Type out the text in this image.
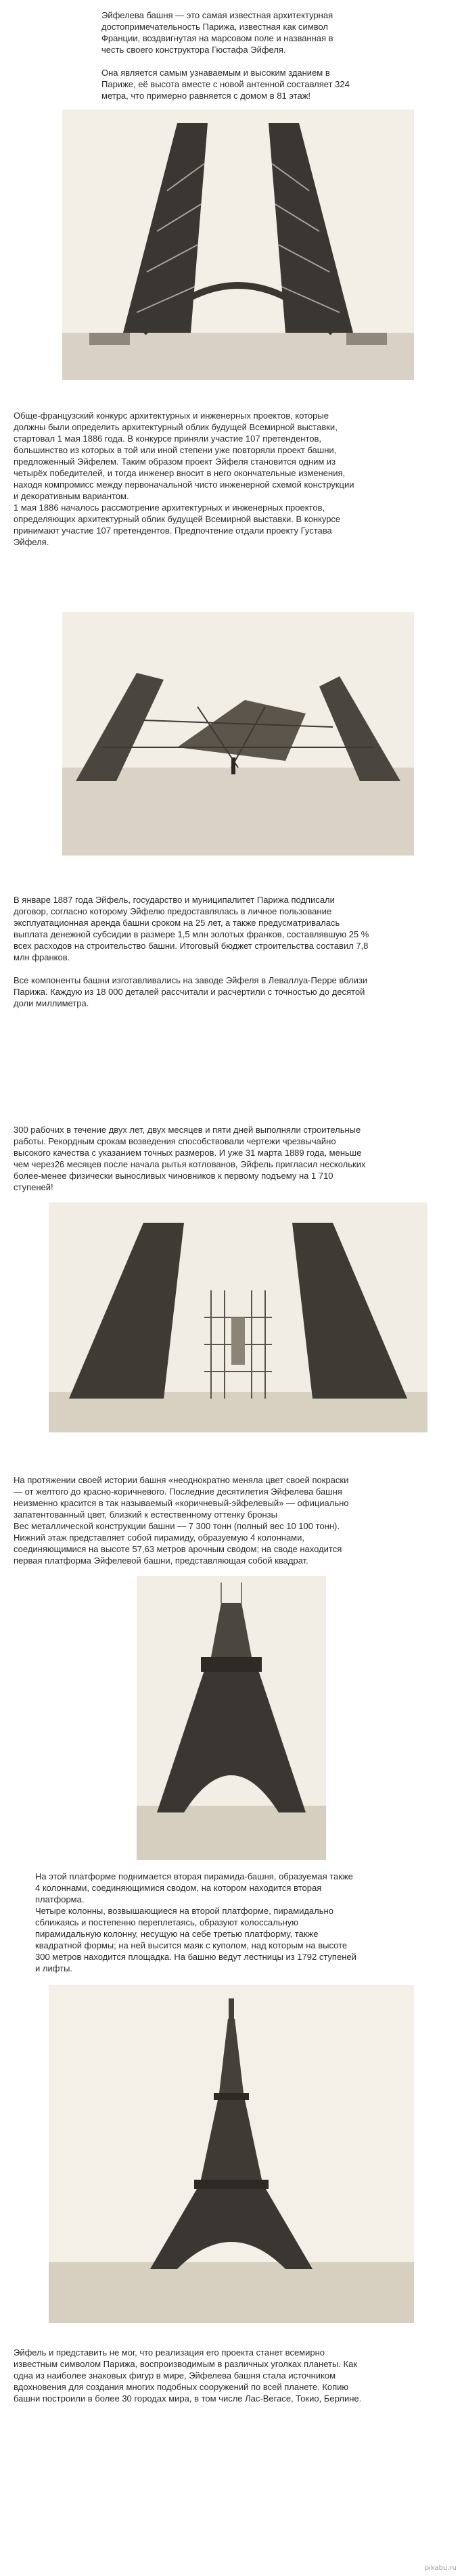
Эйфелева башня — это самая известная архитектурная

достопримечательность Парижа, известная как символ

Франции, воздвигнутая на марсовом поле и названная в

честь своего конструктора Гюстафа Эйфеля.

Она является самым узнаваемым и высоким зданием в

Париже, её высота вместе с новой антенной составляет 324

метра, что примерно равняется с домом в 81 этаж!

Обще-французский конкурс архитектурных и инженерных проектов, которые

должны были определить архитектурный облик будущей Всемирной выставки,

стартовал 1 мая 1886 года. В конкурсе приняли участие 107 претендентов,

большинство из которых в той или иной степени уже повторяли проект башни,

предложенный Эйфелем. Таким образом проект Эйфеля становится одним из

четырёх победителей, и тогда инженер вносит в него окончательные изменения,

находя компромисс между первоначальной чисто инженерной схемой конструкции

и декоративным вариантом.

1 мая 1886 началось рассмотрение архитектурных и инженерных проектов,

определяющих архитектурный облик будущей Всемирной выставки. В конкурсе

принимают участие 107 претендентов. Предпочтение отдали проекту Густава

Эйфеля.

В январе 1887 года Эйфель, государство и муниципалитет Парижа подписали

договор, согласно которому Эйфелю предоставлялась в личное пользование

эксплуатационная аренда башни сроком на 25 лет, а также предусматривалась

выплата денежной субсидии в размере 1,5 млн золотых франков, составлявшую 25 %

всех расходов на строительство башни. Итоговый бюджет строительства составил 7,8

млн франков.

Все компоненты башни изготавливались на заводе Эйфеля в Леваллуа-Перре вблизи

Парижа. Каждую из 18 000 деталей рассчитали и расчертили с точностью до десятой

доли миллиметра.

300 рабочих в течение двух лет, двух месяцев и пяти дней выполняли строительные

работы. Рекордным срокам возведения способствовали чертежи чрезвычайно

высокого качества с указанием точных размеров. И уже 31 марта 1889 года, меньше

чем через26 месяцев после начала рытья котлованов, Эйфель пригласил нескольких

более-менее физически выносливых чиновников к первому подъему на 1 710

ступеней!

На протяжении своей истории башня «неоднократно меняла цвет своей покраски

— от желтого до красно-коричневого. Последние десятилетия Эйфелева башня

неизменно красится в так называемый «коричневый-эйфелевый» — официально

запатентованный цвет, близкий к естественному оттенку бронзы

Вес металлической конструкции башни — 7 300 тонн (полный вес 10 100 тонн).

Нижний этаж представляет собой пирамиду, образуемую 4 колоннами,

соединяющимися на высоте 57,63 метров арочным сводом; на своде находится

первая платформа Эйфелевой башни, представляющая собой квадрат.

На этой платформе поднимается вторая пирамида-башня, образуемая также

4 колоннами, соединяющимися сводом, на котором находится вторая

платформа.

Четыре колонны, возвышающиеся на второй платформе, пирамидально

сближаясь и постепенно переплетаясь, образуют колоссальную

пирамидальную колонну, несущую на себе третью платформу, также

квадратной формы; на ней высится маяк с куполом, над которым на высоте

300 метров находится площадка. На башню ведут лестницы из 1792 ступеней

и лифты.

Эйфель и представить не мог, что реализация его проекта станет всемирно

известным символом Парижа, воспроизводимым в различных уголках планеты. Как

одна из наиболее знаковых фигур в мире, Эйфелева башня стала источником

вдохновения для создания многих подобных сооружений по всей планете. Копию

башни построили в более 30 городах мира, в том числе Лас-Вегасе, Токио, Берлине.

pikabu.ru
